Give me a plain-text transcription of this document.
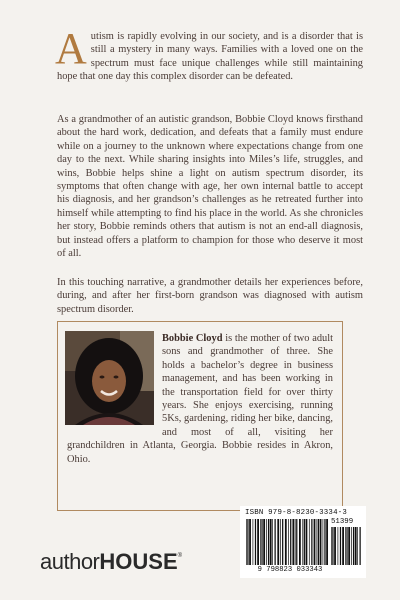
Autism is rapidly evolving in our society, and is a disorder that is still a mystery in many ways. Families with a loved one on the spectrum must face unique challenges while still maintaining hope that one day this complex disorder can be defeated.

As a grandmother of an autistic grandson, Bobbie Cloyd knows firsthand about the hard work, dedication, and defeats that a family must endure while on a journey to the unknown where expectations change from one day to the next. While sharing insights into Miles’s life, struggles, and wins, Bobbie helps shine a light on autism spectrum disorder, its symptoms that often change with age, her own internal battle to accept his diagnosis, and her grandson’s challenges as he retreated further into himself while attempting to find his place in the world. As she chronicles her story, Bobbie reminds others that autism is not an end-all diagnosis, but instead offers a platform to champion for those who deserve it most of all.

In this touching narrative, a grandmother details her experiences before, during, and after her first-born grandson was diagnosed with autism spectrum disorder.

Bobbie Cloyd is the mother of two adult sons and grandmother of three. She holds a bachelor’s degree in business management, and has been working in the transportation field for over thirty years. She enjoys exercising, running 5Ks, gardening, riding her bike, dancing, and most of all, visiting her grandchildren in Atlanta, Georgia. Bobbie resides in Akron, Ohio.

authorHOUSE®
ISBN 979-8-8230-3334-3
51399
9 798823 033343
